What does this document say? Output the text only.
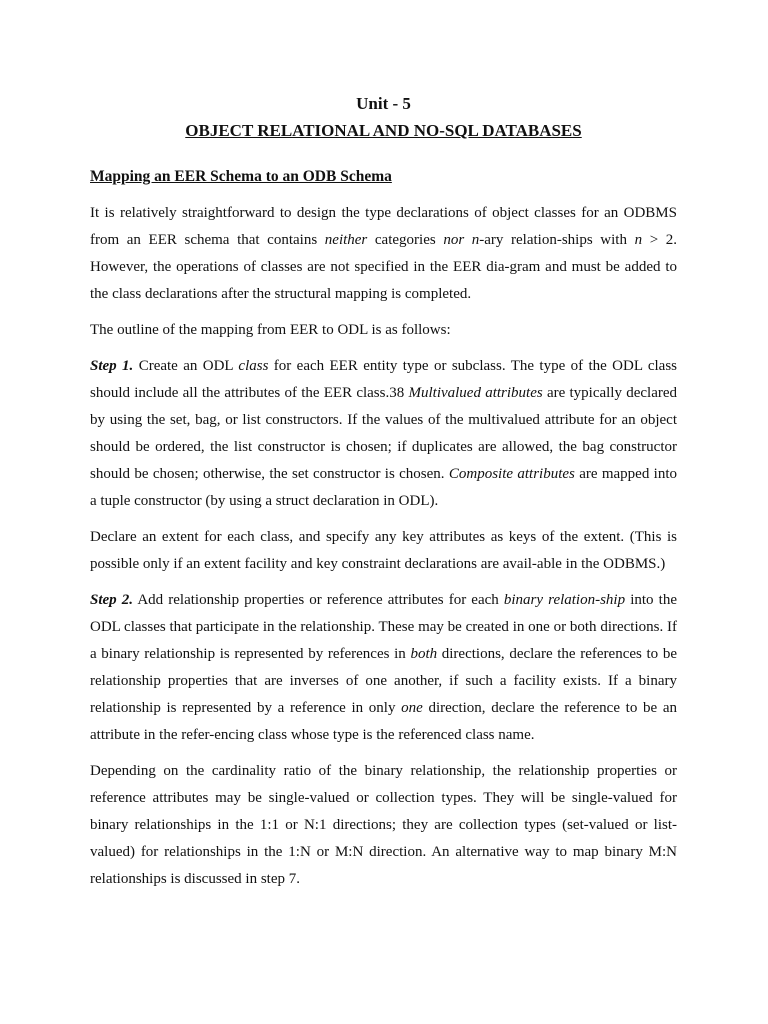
Unit - 5
OBJECT RELATIONAL AND NO-SQL DATABASES
Mapping an EER Schema to an ODB Schema

It is relatively straightforward to design the type declarations of object classes for an ODBMS from an EER schema that contains neither categories nor n-ary relation-ships with n > 2. However, the operations of classes are not specified in the EER dia-gram and must be added to the class declarations after the structural mapping is completed.

The outline of the mapping from EER to ODL is as follows:

Step 1. Create an ODL class for each EER entity type or subclass. The type of the ODL class should include all the attributes of the EER class.38 Multivalued attributes are typically declared by using the set, bag, or list constructors. If the values of the multivalued attribute for an object should be ordered, the list constructor is chosen; if duplicates are allowed, the bag constructor should be chosen; otherwise, the set constructor is chosen. Composite attributes are mapped into a tuple constructor (by using a struct declaration in ODL).

Declare an extent for each class, and specify any key attributes as keys of the extent. (This is possible only if an extent facility and key constraint declarations are avail-able in the ODBMS.)

Step 2. Add relationship properties or reference attributes for each binary relation-ship into the ODL classes that participate in the relationship. These may be created in one or both directions. If a binary relationship is represented by references in both directions, declare the references to be relationship properties that are inverses of one another, if such a facility exists. If a binary relationship is represented by a reference in only one direction, declare the reference to be an attribute in the refer-encing class whose type is the referenced class name.

Depending on the cardinality ratio of the binary relationship, the relationship properties or reference attributes may be single-valued or collection types. They will be single-valued for binary relationships in the 1:1 or N:1 directions; they are collection types (set-valued or list-valued) for relationships in the 1:N or M:N direction. An alternative way to map binary M:N relationships is discussed in step 7.
